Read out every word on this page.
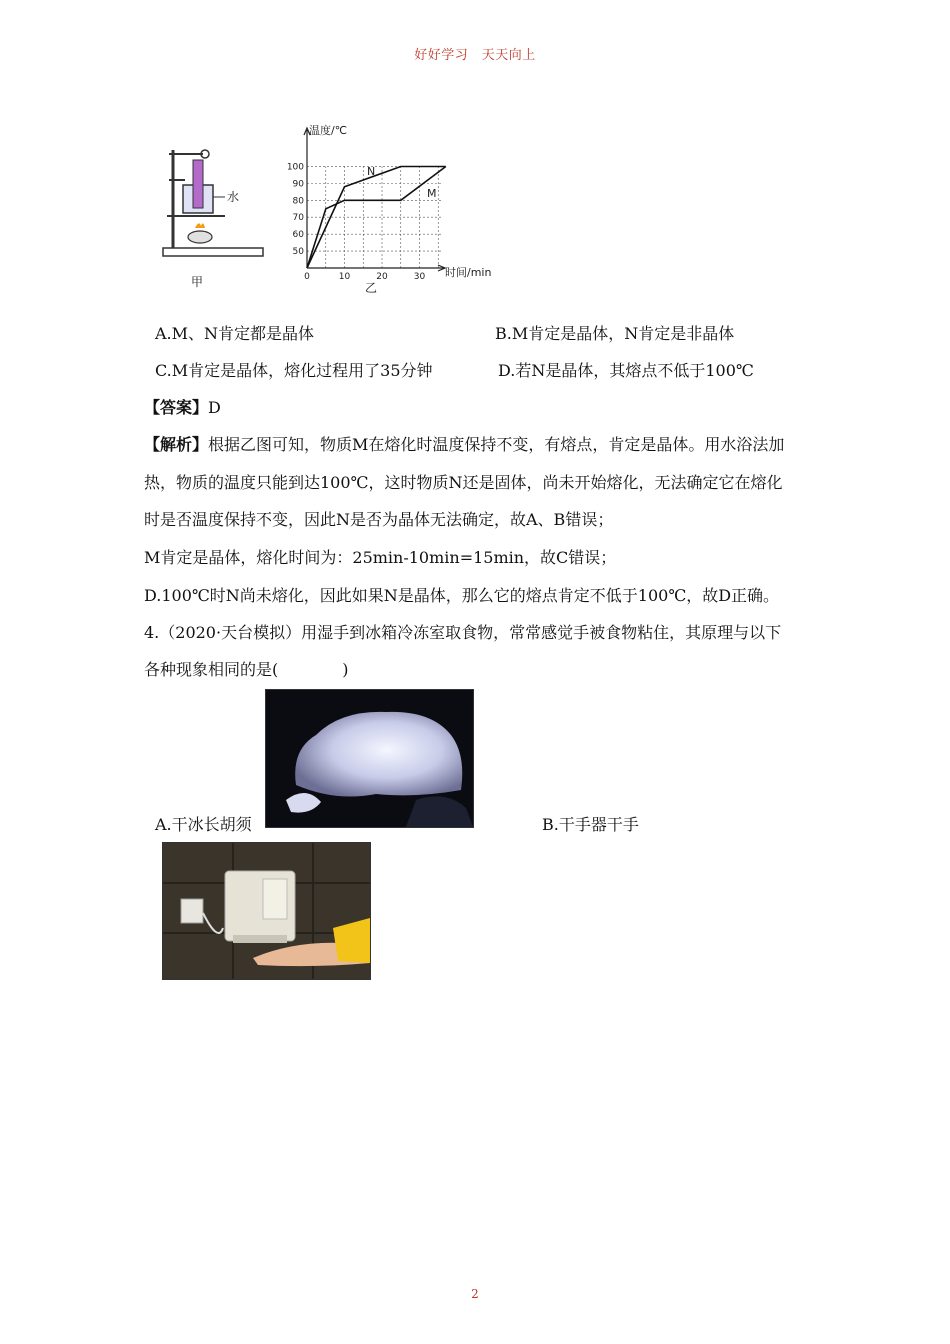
好好学习　天天向上
水
甲	0	10	20	30
50
60
70
80
90
100	N
M
温度/℃
时间/min
乙
A.M、N肯定都是晶体	B.M肯定是晶体，N肯定是非晶体
C.M肯定是晶体，熔化过程用了35分钟	D.若N是晶体，其熔点不低于100℃
【答案】D
【解析】根据乙图可知，物质M在熔化时温度保持不变，有熔点，肯定是晶体。用水浴法加
热，物质的温度只能到达100℃，这时物质N还是固体，尚未开始熔化，无法确定它在熔化
时是否温度保持不变，因此N是否为晶体无法确定，故A、B错误；
M肯定是晶体，熔化时间为：25min-10min=15min，故C错误；
D.100℃时N尚未熔化，因此如果N是晶体，那么它的熔点肯定不低于100℃，故D正确。
4.（2020·天台模拟）用湿手到冰箱冷冻室取食物，常常感觉手被食物粘住，其原理与以下
各种现象相同的是(　　　　)
A.干冰长胡须	B.干手器干手
2
